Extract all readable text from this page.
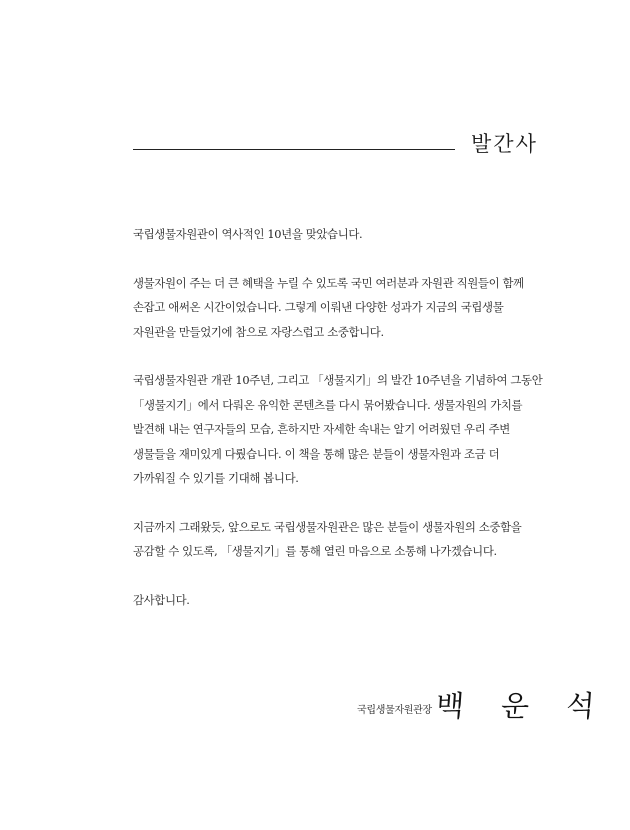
발간사
국립생물자원관이 역사적인 10년을 맞았습니다.
생물자원이 주는 더 큰 혜택을 누릴 수 있도록 국민 여러분과 자원관 직원들이 함께
손잡고 애써온 시간이었습니다. 그렇게 이뤄낸 다양한 성과가 지금의 국립생물
자원관을 만들었기에 참으로 자랑스럽고 소중합니다.
국립생물자원관 개관 10주년, 그리고 「생물지기」의 발간 10주년을 기념하여 그동안
「생물지기」에서 다뤄온 유익한 콘텐츠를 다시 묶어봤습니다. 생물자원의 가치를
발견해 내는 연구자들의 모습, 흔하지만 자세한 속내는 알기 어려웠던 우리 주변
생물들을 재미있게 다뤘습니다. 이 책을 통해 많은 분들이 생물자원과 조금 더
가까워질 수 있기를 기대해 봅니다.
지금까지 그래왔듯, 앞으로도 국립생물자원관은 많은 분들이 생물자원의 소중함을
공감할 수 있도록, 「생물지기」를 통해 열린 마음으로 소통해 나가겠습니다.
감사합니다.
국립생물자원관장 백 운 석
